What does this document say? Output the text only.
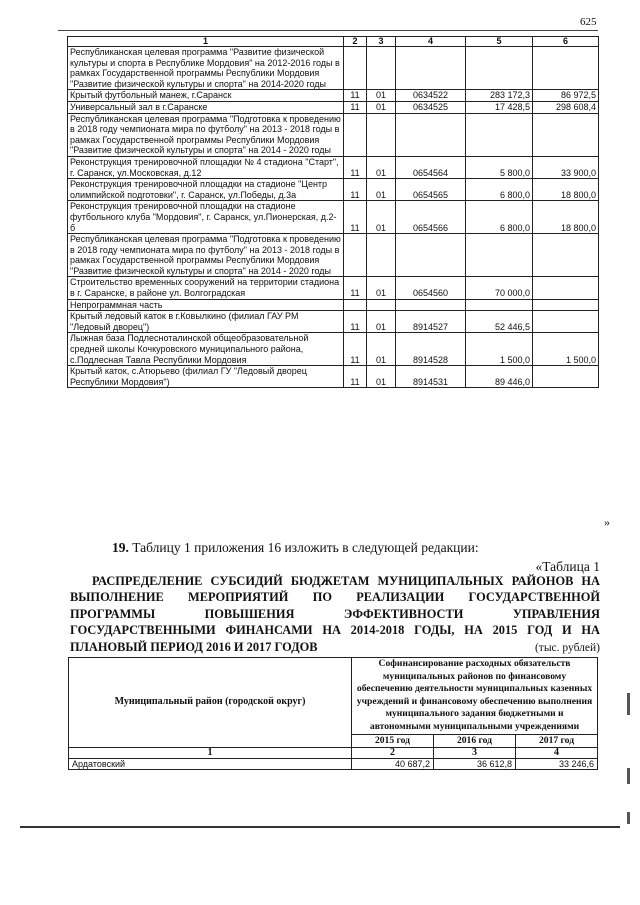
625
1	2	3	4	5	6
Республиканская целевая программа "Развитие физической культуры и спорта в Республике Мордовия" на 2012-2016 годы в рамках Государственной программы Республики Мордовия "Развитие физической культуры и спорта" на 2014-2020 годы					
Крытый футбольный манеж, г.Саранск	11	01	0634522	283 172,3	86 972,5
Универсальный зал в г.Саранске	11	01	0634525	17 428,5	298 608,4
Республиканская целевая программа "Подготовка к проведению в 2018 году чемпионата мира по футболу" на 2013 - 2018 годы в рамках Государственной программы Республики Мордовия "Развитие физической культуры и спорта" на 2014 - 2020 годы					
Реконструкция тренировочной площадки № 4 стадиона "Старт", г. Саранск, ул.Московская, д.12	11	01	0654564	5 800,0	33 900,0
Реконструкция тренировочной площадки на стадионе "Центр олимпийской подготовки", г. Саранск, ул.Победы, д.3а	11	01	0654565	6 800,0	18 800,0
Реконструкция тренировочной площадки на стадионе футбольного клуба "Мордовия", г. Саранск, ул.Пионерская, д.2-б	11	01	0654566	6 800,0	18 800,0
Республиканская целевая программа "Подготовка к проведению в 2018 году чемпионата мира по футболу" на 2013 - 2018 годы в рамках Государственной программы Республики Мордовия "Развитие физической культуры и спорта" на 2014 - 2020 годы					
Строительство временных сооружений на территории стадиона в г. Саранске, в районе ул. Волгоградская	11	01	0654560	70 000,0	
Непрограммная часть					
Крытый ледовый каток в г.Ковылкино (филиал ГАУ РМ "Ледовый дворец")	11	01	8914527	52 446,5	
Лыжная база Подлесноталинской общеобразовательной средней школы Кочкуровского муниципального района, с.Подлесная Тавла Республики Мордовия	11	01	8914528	1 500,0	1 500,0
Крытый каток, с.Атюрьево (филиал ГУ "Ледовый дворец Республики Мордовия")	11	01	8914531	89 446,0	
»
19. Таблицу 1 приложения 16 изложить в следующей редакции:
«Таблица 1
РАСПРЕДЕЛЕНИЕ СУБСИДИЙ БЮДЖЕТАМ МУНИЦИПАЛЬНЫХ РАЙОНОВ НА ВЫПОЛНЕНИЕ МЕРОПРИЯТИЙ ПО РЕАЛИЗАЦИИ ГОСУДАРСТВЕННОЙ ПРОГРАММЫ ПОВЫШЕНИЯ ЭФФЕКТИВНОСТИ УПРАВЛЕНИЯ ГОСУДАРСТВЕННЫМИ ФИНАНСАМИ НА 2014-2018 ГОДЫ, НА 2015 ГОД И НА ПЛАНОВЫЙ ПЕРИОД 2016 И 2017 ГОДОВ	(тыс. рублей)
Муниципальный район (городской округ)	Софинансирование расходных обязательств муниципальных районов по финансовому обеспечению деятельности муниципальных казенных учреждений и финансовому обеспечению выполнения муниципального задания бюджетными и автономными муниципальными учреждениями		
	2015 год	2016 год	2017 год
1	2	3	4
Ардатовский	40 687,2	36 612,8	33 246,6
